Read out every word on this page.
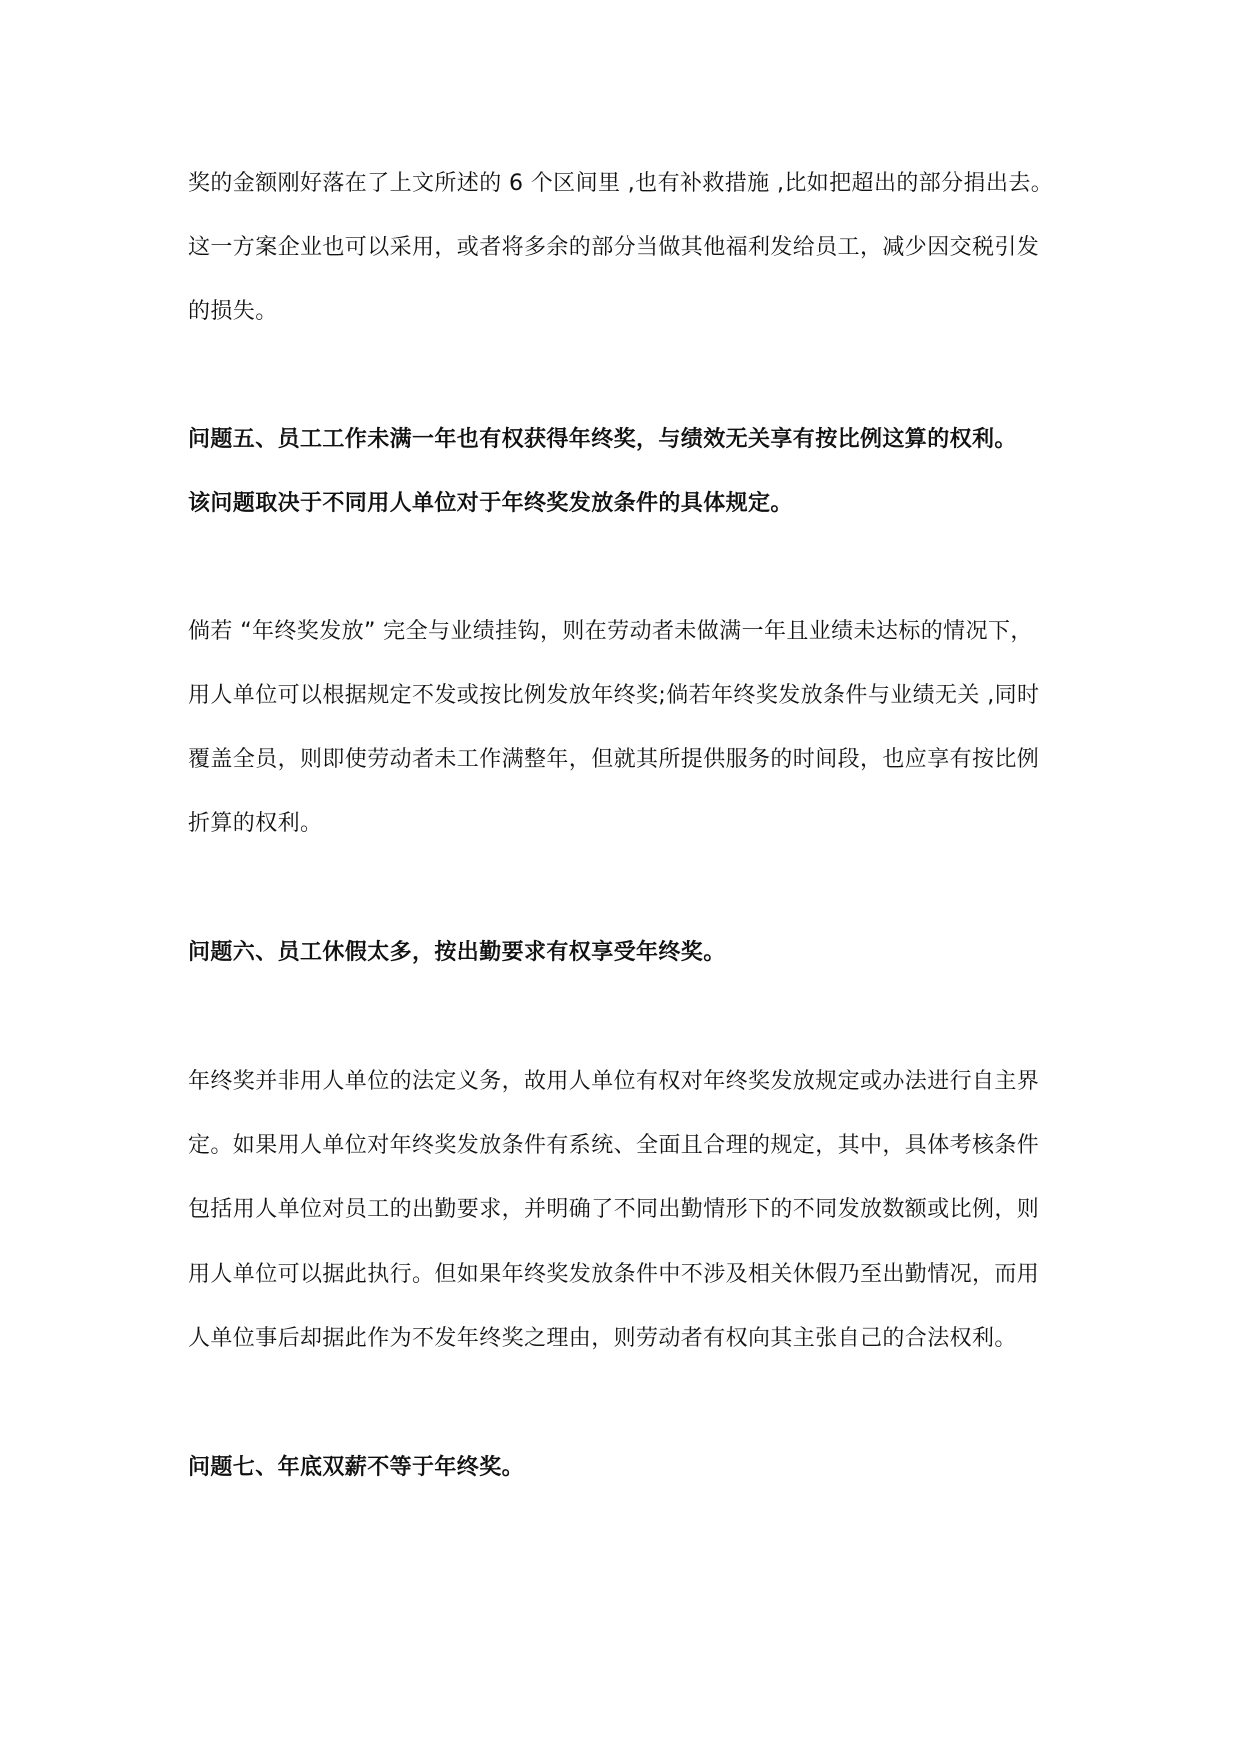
奖的金额刚好落在了上文所述的 6 个区间里 ,也有补救措施 ,比如把超出的部分捐出去。
这一方案企业也可以采用，或者将多余的部分当做其他福利发给员工，减少因交税引发
的损失。
问题五、员工工作未满一年也有权获得年终奖，与绩效无关享有按比例这算的权利。
该问题取决于不同用人单位对于年终奖发放条件的具体规定。
倘若 “年终奖发放” 完全与业绩挂钩，则在劳动者未做满一年且业绩未达标的情况下，
用人单位可以根据规定不发或按比例发放年终奖;倘若年终奖发放条件与业绩无关 ,同时
覆盖全员，则即使劳动者未工作满整年，但就其所提供服务的时间段，也应享有按比例
折算的权利。
问题六、员工休假太多，按出勤要求有权享受年终奖。
年终奖并非用人单位的法定义务，故用人单位有权对年终奖发放规定或办法进行自主界
定。如果用人单位对年终奖发放条件有系统、全面且合理的规定，其中，具体考核条件
包括用人单位对员工的出勤要求，并明确了不同出勤情形下的不同发放数额或比例，则
用人单位可以据此执行。但如果年终奖发放条件中不涉及相关休假乃至出勤情况，而用
人单位事后却据此作为不发年终奖之理由，则劳动者有权向其主张自己的合法权利。
问题七、年底双薪不等于年终奖。
